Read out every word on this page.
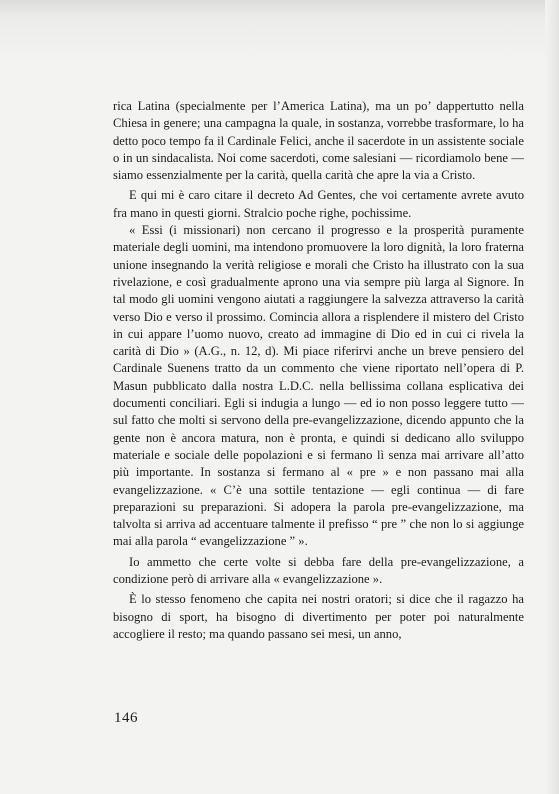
rica Latina (specialmente per l’America Latina), ma un po’ dappertutto nella Chiesa in genere; una campagna la quale, in sostanza, vorrebbe trasformare, lo ha detto poco tempo fa il Cardinale Felici, anche il sacerdote in un assistente sociale o in un sindacalista. Noi come sacerdoti, come salesiani — ricordiamolo bene — siamo essenzialmente per la carità, quella carità che apre la via a Cristo.

E qui mi è caro citare il decreto Ad Gentes, che voi certamente avrete avuto fra mano in questi giorni. Stralcio poche righe, pochissime.

« Essi (i missionari) non cercano il progresso e la prosperità puramente materiale degli uomini, ma intendono promuovere la loro dignità, la loro fraterna unione insegnando la verità religiose e morali che Cristo ha illustrato con la sua rivelazione, e così gradualmente aprono una via sempre più larga al Signore. In tal modo gli uomini vengono aiutati a raggiungere la salvezza attraverso la carità verso Dio e verso il prossimo. Comincia allora a risplendere il mistero del Cristo in cui appare l’uomo nuovo, creato ad immagine di Dio ed in cui ci rivela la carità di Dio » (A.G., n. 12, d). Mi piace riferirvi anche un breve pensiero del Cardinale Suenens tratto da un commento che viene riportato nell’opera di P. Masun pubblicato dalla nostra L.D.C. nella bellissima collana esplicativa dei documenti conciliari. Egli si indugia a lungo — ed io non posso leggere tutto — sul fatto che molti si servono della pre-evangelizzazione, dicendo appunto che la gente non è ancora matura, non è pronta, e quindi si dedicano allo sviluppo materiale e sociale delle popolazioni e si fermano lì senza mai arrivare all’atto più importante. In sostanza si fermano al « pre » e non passano mai alla evangelizzazione. « C’è una sottile tentazione — egli continua — di fare preparazioni su preparazioni. Si adopera la parola pre-evangelizzazione, ma talvolta si arriva ad accentuare talmente il prefisso “ pre ” che non lo si aggiunge mai alla parola “ evangelizzazione ” ».

Io ammetto che certe volte si debba fare della pre-evangelizzazione, a condizione però di arrivare alla « evangelizzazione ».

È lo stesso fenomeno che capita nei nostri oratori; si dice che il ragazzo ha bisogno di sport, ha bisogno di divertimento per poter poi naturalmente accogliere il resto; ma quando passano sei mesi, un anno,

146
